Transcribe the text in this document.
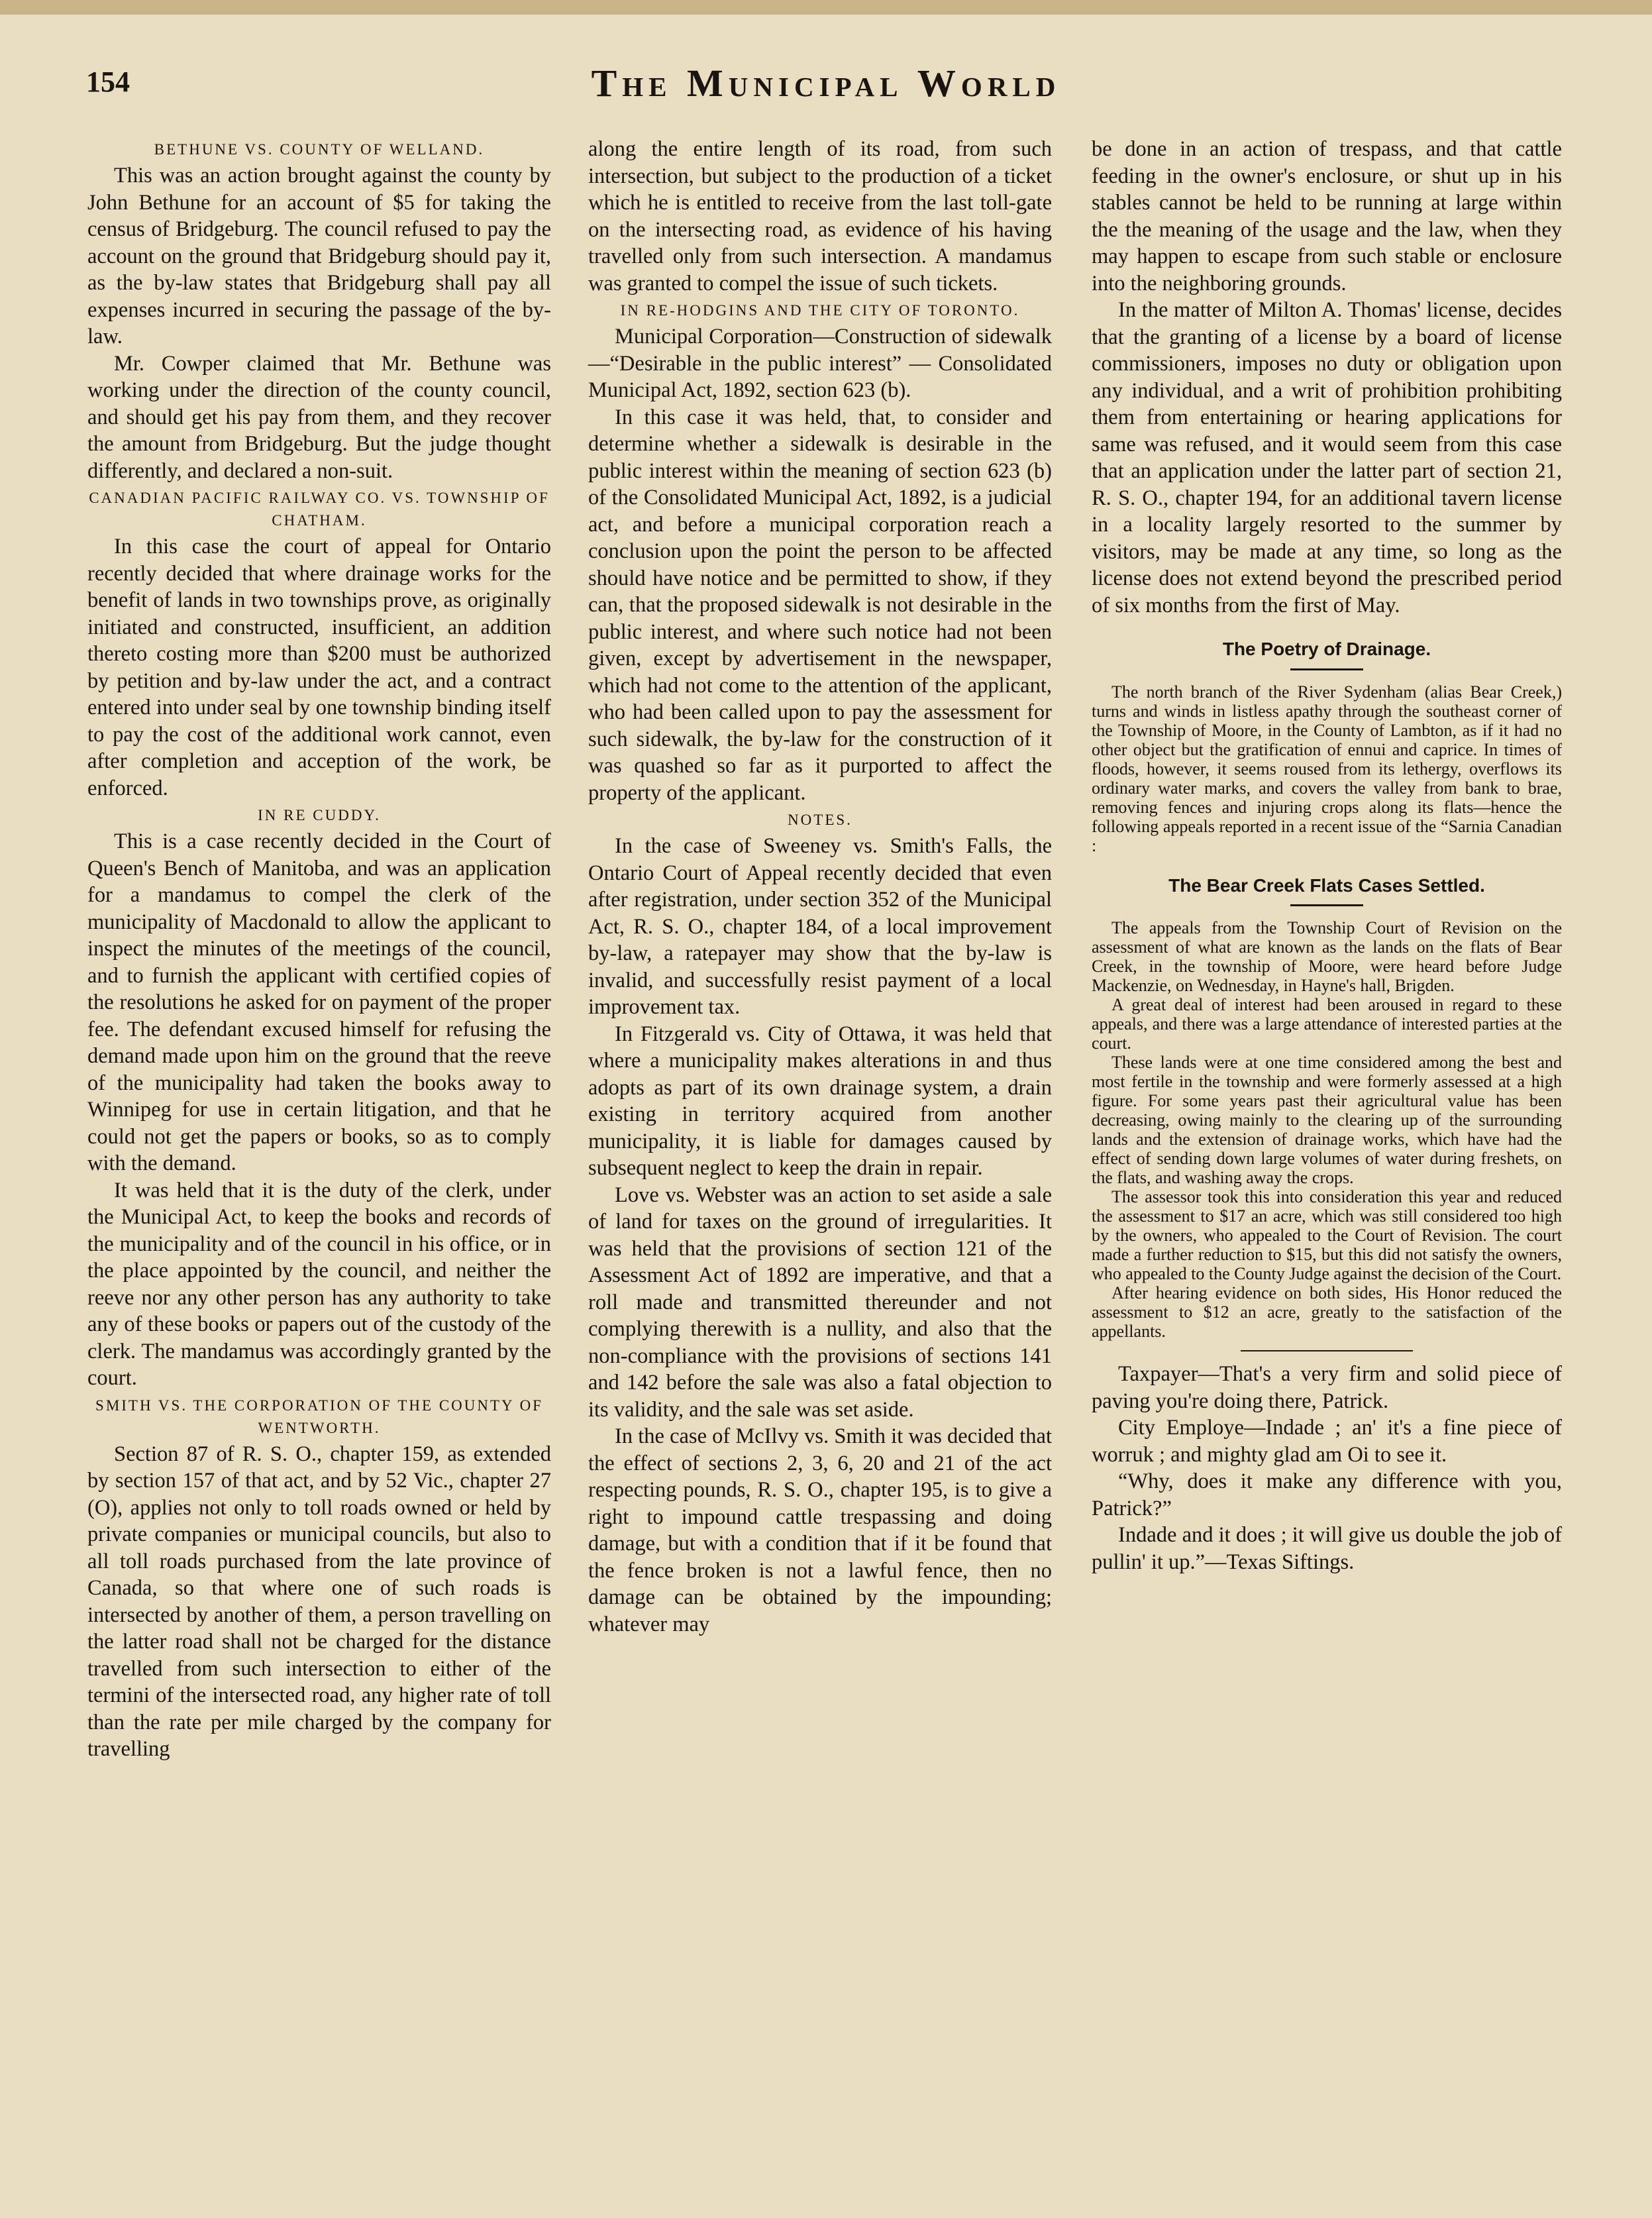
154	The Municipal World
BETHUNE VS. COUNTY OF WELLAND.

This was an action brought against the county by John Bethune for an account of $5 for taking the census of Bridgeburg. The council refused to pay the account on the ground that Bridgeburg should pay it, as the by-law states that Bridgeburg shall pay all expenses incurred in securing the passage of the by-law.

Mr. Cowper claimed that Mr. Bethune was working under the direction of the county council, and should get his pay from them, and they recover the amount from Bridgeburg. But the judge thought differently, and declared a non-suit.

CANADIAN PACIFIC RAILWAY CO. VS. TOWNSHIP OF CHATHAM.

In this case the court of appeal for Ontario recently decided that where drainage works for the benefit of lands in two townships prove, as originally initiated and constructed, insufficient, an addition thereto costing more than $200 must be authorized by petition and by-law under the act, and a contract entered into under seal by one township binding itself to pay the cost of the additional work cannot, even after completion and acception of the work, be enforced.

IN RE CUDDY.

This is a case recently decided in the Court of Queen's Bench of Manitoba, and was an application for a mandamus to compel the clerk of the municipality of Macdonald to allow the applicant to inspect the minutes of the meetings of the council, and to furnish the applicant with certified copies of the resolutions he asked for on payment of the proper fee. The defendant excused himself for refusing the demand made upon him on the ground that the reeve of the municipality had taken the books away to Winnipeg for use in certain litigation, and that he could not get the papers or books, so as to comply with the demand.

It was held that it is the duty of the clerk, under the Municipal Act, to keep the books and records of the municipality and of the council in his office, or in the place appointed by the council, and neither the reeve nor any other person has any authority to take any of these books or papers out of the custody of the clerk. The mandamus was accordingly granted by the court.

SMITH VS. THE CORPORATION OF THE COUNTY OF WENTWORTH.

Section 87 of R. S. O., chapter 159, as extended by section 157 of that act, and by 52 Vic., chapter 27 (O), applies not only to toll roads owned or held by private companies or municipal councils, but also to all toll roads purchased from the late province of Canada, so that where one of such roads is intersected by another of them, a person travelling on the latter road shall not be charged for the distance travelled from such intersection to either of the termini of the intersected road, any higher rate of toll than the rate per mile charged by the company for travelling

along the entire length of its road, from such intersection, but subject to the production of a ticket which he is entitled to receive from the last toll-gate on the intersecting road, as evidence of his having travelled only from such intersection. A mandamus was granted to compel the issue of such tickets.

IN RE-HODGINS AND THE CITY OF TORONTO.

Municipal Corporation—Construction of sidewalk—“Desirable in the public interest” — Consolidated Municipal Act, 1892, section 623 (b).

In this case it was held, that, to consider and determine whether a sidewalk is desirable in the public interest within the meaning of section 623 (b) of the Consolidated Municipal Act, 1892, is a judicial act, and before a municipal corporation reach a conclusion upon the point the person to be affected should have notice and be permitted to show, if they can, that the proposed sidewalk is not desirable in the public interest, and where such notice had not been given, except by advertisement in the newspaper, which had not come to the attention of the applicant, who had been called upon to pay the assessment for such sidewalk, the by-law for the construction of it was quashed so far as it purported to affect the property of the applicant.

NOTES.

In the case of Sweeney vs. Smith's Falls, the Ontario Court of Appeal recently decided that even after registration, under section 352 of the Municipal Act, R. S. O., chapter 184, of a local improvement by-law, a ratepayer may show that the by-law is invalid, and successfully resist payment of a local improvement tax.

In Fitzgerald vs. City of Ottawa, it was held that where a municipality makes alterations in and thus adopts as part of its own drainage system, a drain existing in territory acquired from another municipality, it is liable for damages caused by subsequent neglect to keep the drain in repair.

Love vs. Webster was an action to set aside a sale of land for taxes on the ground of irregularities. It was held that the provisions of section 121 of the Assessment Act of 1892 are imperative, and that a roll made and transmitted thereunder and not complying therewith is a nullity, and also that the non-compliance with the provisions of sections 141 and 142 before the sale was also a fatal objection to its validity, and the sale was set aside.

In the case of McIlvy vs. Smith it was decided that the effect of sections 2, 3, 6, 20 and 21 of the act respecting pounds, R. S. O., chapter 195, is to give a right to impound cattle trespassing and doing damage, but with a condition that if it be found that the fence broken is not a lawful fence, then no damage can be obtained by the impounding; whatever may

be done in an action of trespass, and that cattle feeding in the owner's enclosure, or shut up in his stables cannot be held to be running at large within the the meaning of the usage and the law, when they may happen to escape from such stable or enclosure into the neighboring grounds.

In the matter of Milton A. Thomas' license, decides that the granting of a license by a board of license commissioners, imposes no duty or obligation upon any individual, and a writ of prohibition prohibiting them from entertaining or hearing applications for same was refused, and it would seem from this case that an application under the latter part of section 21, R. S. O., chapter 194, for an additional tavern license in a locality largely resorted to the summer by visitors, may be made at any time, so long as the license does not extend beyond the prescribed period of six months from the first of May.

The Poetry of Drainage.

The north branch of the River Sydenham (alias Bear Creek,) turns and winds in listless apathy through the southeast corner of the Township of Moore, in the County of Lambton, as if it had no other object but the gratification of ennui and caprice. In times of floods, however, it seems roused from its lethergy, overflows its ordinary water marks, and covers the valley from bank to brae, removing fences and injuring crops along its flats—hence the following appeals reported in a recent issue of the “Sarnia Canadian :

The Bear Creek Flats Cases Settled.

The appeals from the Township Court of Revision on the assessment of what are known as the lands on the flats of Bear Creek, in the township of Moore, were heard before Judge Mackenzie, on Wednesday, in Hayne's hall, Brigden.

A great deal of interest had been aroused in regard to these appeals, and there was a large attendance of interested parties at the court.

These lands were at one time considered among the best and most fertile in the township and were formerly assessed at a high figure. For some years past their agricultural value has been decreasing, owing mainly to the clearing up of the surrounding lands and the extension of drainage works, which have had the effect of sending down large volumes of water during freshets, on the flats, and washing away the crops.

The assessor took this into consideration this year and reduced the assessment to $17 an acre, which was still considered too high by the owners, who appealed to the Court of Revision. The court made a further reduction to $15, but this did not satisfy the owners, who appealed to the County Judge against the decision of the Court.

After hearing evidence on both sides, His Honor reduced the assessment to $12 an acre, greatly to the satisfaction of the appellants.

Taxpayer—That's a very firm and solid piece of paving you're doing there, Patrick.

City Employe—Indade ; an' it's a fine piece of worruk ; and mighty glad am Oi to see it.

“Why, does it make any difference with you, Patrick?”

Indade and it does ; it will give us double the job of pullin' it up.”—Texas Siftings.
